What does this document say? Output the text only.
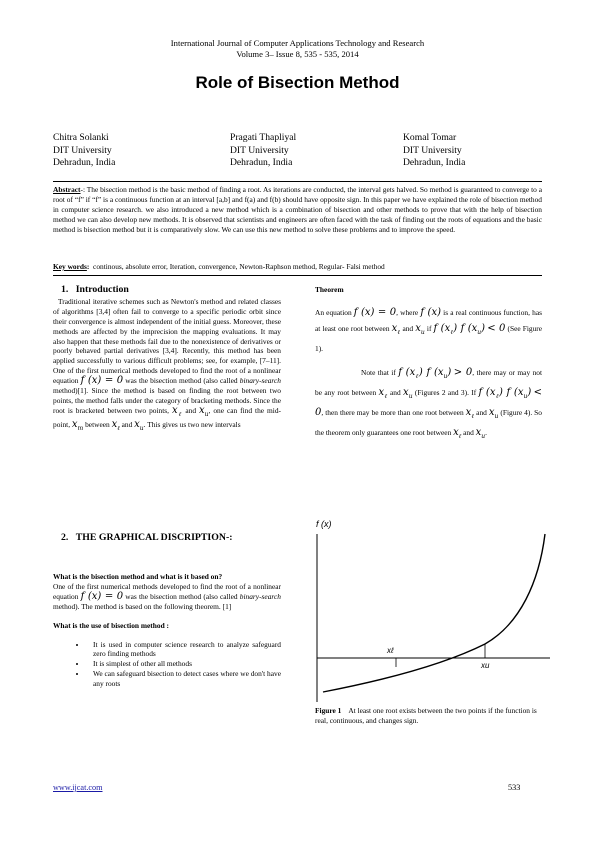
International Journal of Computer Applications Technology and Research
Volume 3– Issue 8, 535 - 535, 2014
Role of Bisection Method
Chitra Solanki
DIT University
Dehradun, India
Pragati Thapliyal
DIT University
Dehradun, India
Komal Tomar
DIT University
Dehradun, India
Abstract-: The bisection method is the basic method of finding a root. As iterations are conducted, the interval gets halved. So method is guaranteed to converge to a root of “f” if “f” is a continuous function at an interval [a,b] and f(a) and f(b) should have opposite sign. In this paper we have explained the role of bisection method in computer science research. we also introduced a new method which is a combination of bisection and other methods to prove that with the help of bisection method we can also develop new methods. It is observed that scientists and engineers are often faced with the task of finding out the roots of equations and the basic method is bisection method but it is comparatively slow. We can use this new method to solve these problems and to improve the speed.
Key words: continous, absolute error, Iteration, convergence, Newton-Raphson method, Regular- Falsi method
1.   Introduction
Traditional iterative schemes such as Newton's method and related classes of algorithms [3,4] often fail to converge to a specific periodic orbit since their convergence is almost independent of the initial guess. Moreover, these methods are affected by the imprecision the mapping evaluations. It may also happen that these methods fail due to the nonexistence of derivatives or poorly behaved partial derivatives [3,4]. Recently, this method has been applied successfully to various difficult problems; see, for example, [7–11]. One of the first numerical methods developed to find the root of a nonlinear equation f (x) = 0 was the bisection method (also called binary-search method)[1]. Since the method is based on finding the root between two points, the method falls under the category of bracketing methods. Since the root is bracketed between two points, $x_\ell$ and $x_u$, one can find the mid-point, $x_m$ between $x_\ell$ and $x_u$. This gives us two new intervals
2.   THE GRAPHICAL DISCRIPTION-:
What is the bisection method and what is it based on?
One of the first numerical methods developed to find the root of a nonlinear equation f (x) = 0 was the bisection method (also called binary-search method). The method is based on the following theorem. [1]
What is the use of bisection method :
• It is used in computer science research to analyze safeguard zero finding methods
• It is simplest of other all methods
• We can safeguard bisection to detect cases where we don't have any roots
Theorem
An equation f (x) = 0, where f (x) is a real continuous function, has at least one root between $x_\ell$ and $x_u$ if f $(x_\ell)$ f $(x_u) < 0$ (See Figure 1).
Note that if f $(x_\ell)$ f $(x_u) > 0$, there may or may not be any root between $x_\ell$ and $x_u$ (Figures 2 and 3). If f $(x_\ell)$ f $(x_u) < 0$, then there may be more than one root between $x_\ell$ and $x_u$ (Figure 4). So the theorem only guarantees one root between $x_\ell$ and $x_u$.
f (x)
xℓ
xu
Figure 1 At least one root exists between the two points if the function is real, continuous, and changes sign.
www.ijcat.com	533
